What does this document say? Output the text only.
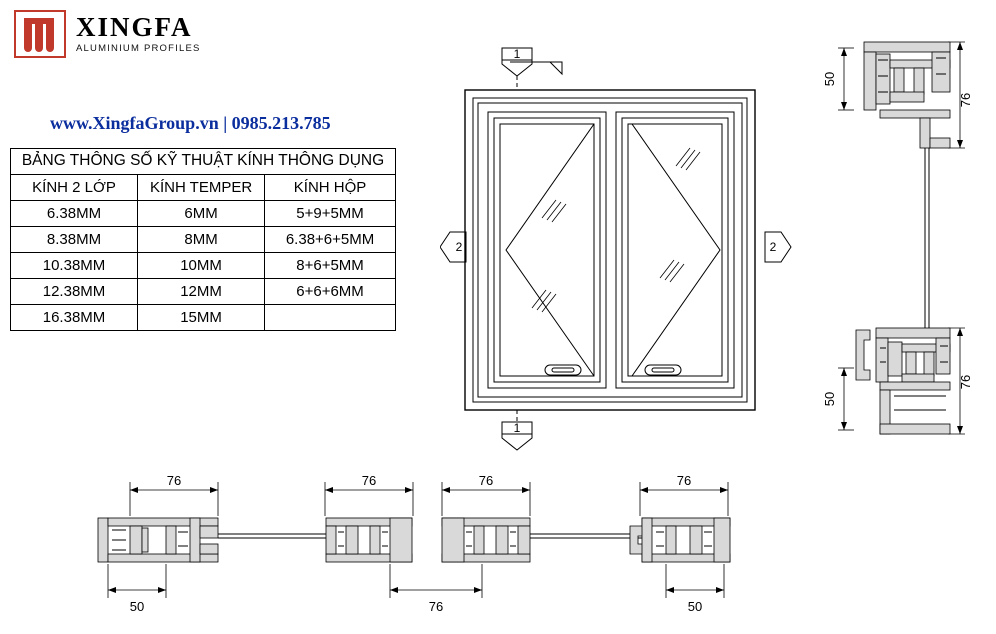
XINGFA
ALUMINIUM PROFILES
www.XingfaGroup.vn | 0985.213.785
BẢNG THÔNG SỐ KỸ THUẬT KÍNH THÔNG DỤNG		
KÍNH 2 LỚP	KÍNH TEMPER	KÍNH HỘP
6.38MM	6MM	5+9+5MM
8.38MM	8MM	6.38+6+5MM
10.38MM	10MM	8+6+5MM
12.38MM	12MM	6+6+6MM
16.38MM	15MM	
1
1
2	2
76
50
76
50
76	76	76	76
50	76	50
